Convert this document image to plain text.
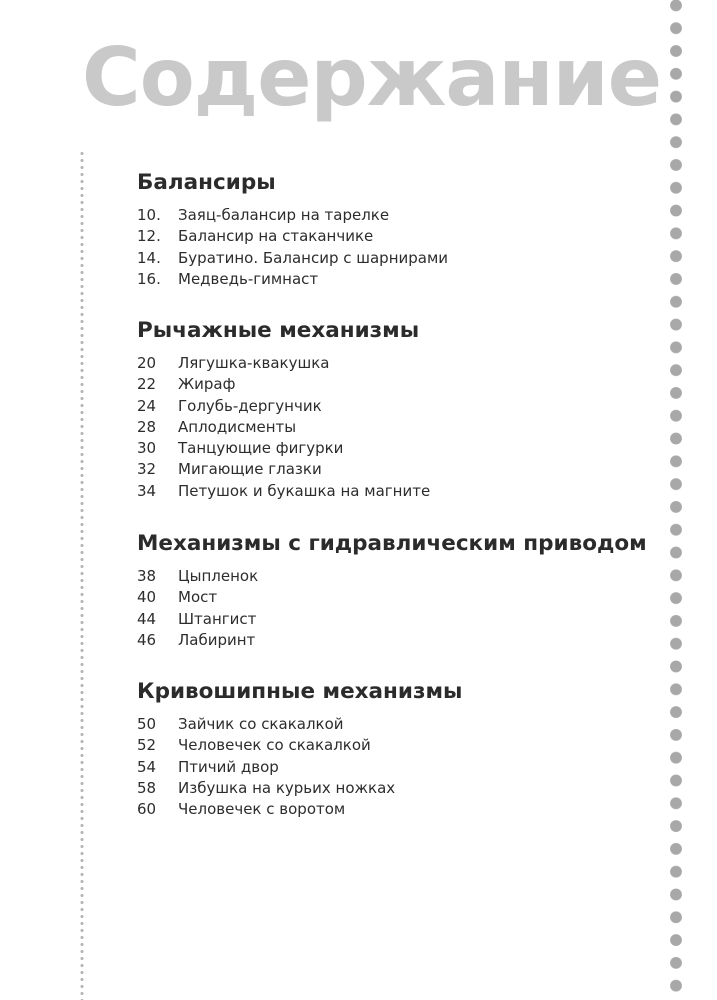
Содержание
Балансиры
10.	Заяц-балансир на тарелке
12.	Балансир на стаканчике
14.	Буратино. Балансир с шарнирами
16.	Медведь-гимнаст
Рычажные механизмы
20	Лягушка-квакушка
22	Жираф
24	Голубь-дергунчик
28	Аплодисменты
30	Танцующие фигурки
32	Мигающие глазки
34	Петушок и букашка на магните
Механизмы с гидравлическим приводом
38	Цыпленок
40	Мост
44	Штангист
46	Лабиринт
Кривошипные механизмы
50	Зайчик со скакалкой
52	Человечек со скакалкой
54	Птичий двор
58	Избушка на курьих ножках
60	Человечек с воротом
